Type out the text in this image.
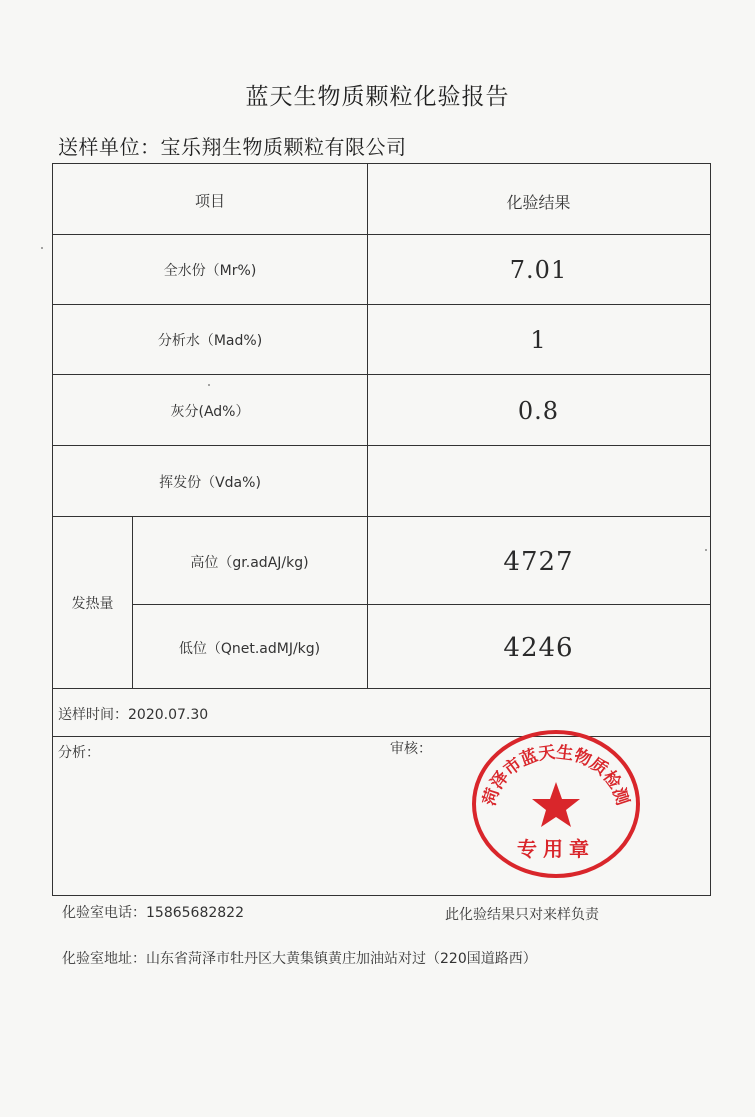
蓝天生物质颗粒化验报告
送样单位：宝乐翔生物质颗粒有限公司
项目	化验结果
全水份（Mr%)	7.01
分析水（Mad%)	1
灰分(Ad%）	0.8
挥发份（Vda%)
发热量
高位（gr.adAJ/kg)	4727
低位（Qnet.adMJ/kg)	4246
送样时间：2020.07.30
分析：	审核：
菏泽市蓝天生物质检测
专用章
化验室电话：15865682822	此化验结果只对来样负责
化验室地址：山东省菏泽市牡丹区大黄集镇黄庄加油站对过（220国道路西）
